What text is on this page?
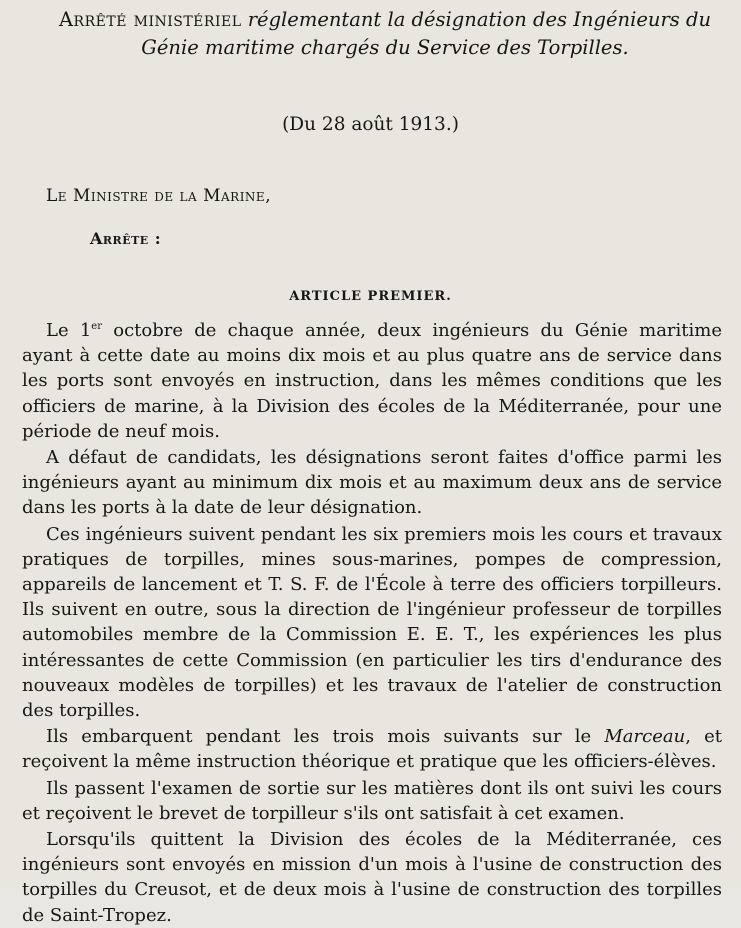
Arrêté ministériel réglementant la désignation des Ingénieurs du Génie maritime chargés du Service des Torpilles.
(Du 28 août 1913.)
Le Ministre de la Marine,
Arrête :
ARTICLE PREMIER.

Le 1er octobre de chaque année, deux ingénieurs du Génie maritime ayant à cette date au moins dix mois et au plus quatre ans de service dans les ports sont envoyés en instruction, dans les mêmes conditions que les officiers de marine, à la Division des écoles de la Méditerranée, pour une période de neuf mois.

A défaut de candidats, les désignations seront faites d'office parmi les ingénieurs ayant au minimum dix mois et au maximum deux ans de service dans les ports à la date de leur désignation.

Ces ingénieurs suivent pendant les six premiers mois les cours et travaux pratiques de torpilles, mines sous-marines, pompes de compression, appareils de lancement et T. S. F. de l'École à terre des officiers torpilleurs. Ils suivent en outre, sous la direction de l'ingénieur professeur de torpilles automobiles membre de la Commission E. E. T., les expériences les plus intéressantes de cette Commission (en particulier les tirs d'endurance des nouveaux modèles de torpilles) et les travaux de l'atelier de construction des torpilles.

Ils embarquent pendant les trois mois suivants sur le Marceau, et reçoivent la même instruction théorique et pratique que les officiers-élèves.

Ils passent l'examen de sortie sur les matières dont ils ont suivi les cours et reçoivent le brevet de torpilleur s'ils ont satisfait à cet examen.

Lorsqu'ils quittent la Division des écoles de la Méditerranée, ces ingénieurs sont envoyés en mission d'un mois à l'usine de construction des torpilles du Creusot, et de deux mois à l'usine de construction des torpilles de Saint-Tropez.
